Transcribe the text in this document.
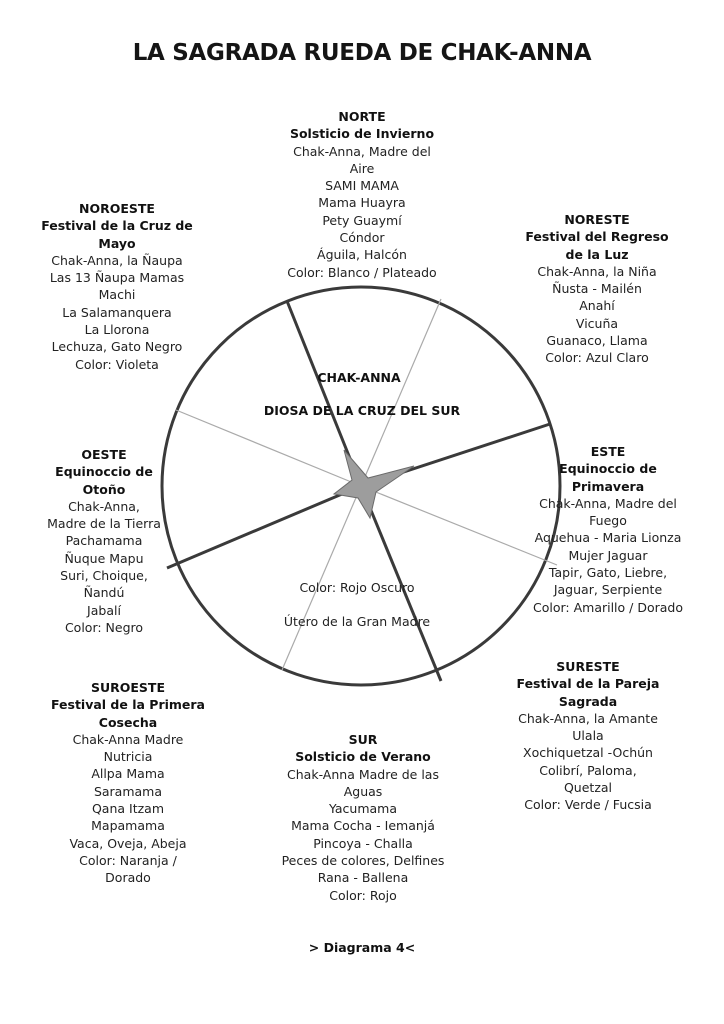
LA SAGRADA RUEDA DE CHAK-ANNA
NORTE
Solsticio de Invierno
Chak-Anna, Madre del
Aire
SAMI MAMA
Mama Huayra
Pety Guaymí
Cóndor
Águila, Halcón
Color: Blanco / Plateado
NOROESTE
Festival de la Cruz de
Mayo
Chak-Anna, la Ñaupa
Las 13 Ñaupa Mamas
Machi
La Salamanquera
La Llorona
Lechuza, Gato Negro
Color: Violeta
NORESTE
Festival del Regreso
de la Luz
Chak-Anna, la Niña
Ñusta - Mailén
Anahí
Vicuña
Guanaco, Llama
Color: Azul Claro
CHAK-ANNA
DIOSA DE LA CRUZ DEL SUR
OESTE
Equinoccio de
Otoño
Chak-Anna,
Madre de la Tierra
Pachamama
Ñuque Mapu
Suri, Choique,
Ñandú
Jabalí
Color: Negro
ESTE
Equinoccio de
Primavera
Chak-Anna, Madre del
Fuego
Aquehua - Maria Lionza
Mujer Jaguar
Tapir, Gato, Liebre,
Jaguar, Serpiente
Color: Amarillo / Dorado
Color: Rojo Oscuro
Útero de la Gran Madre
SUROESTE
Festival de la Primera
Cosecha
Chak-Anna Madre
Nutricia
Allpa Mama
Saramama
Qana Itzam
Mapamama
Vaca, Oveja, Abeja
Color: Naranja /
Dorado
SUR
Solsticio de Verano
Chak-Anna Madre de las
Aguas
Yacumama
Mama Cocha - Iemanjá
Pincoya - Challa
Peces de colores, Delfines
Rana - Ballena
Color: Rojo
SURESTE
Festival de la Pareja
Sagrada
Chak-Anna, la Amante
Ulala
Xochiquetzal -Ochún
Colibrí, Paloma,
Quetzal
Color: Verde / Fucsia
> Diagrama 4<
